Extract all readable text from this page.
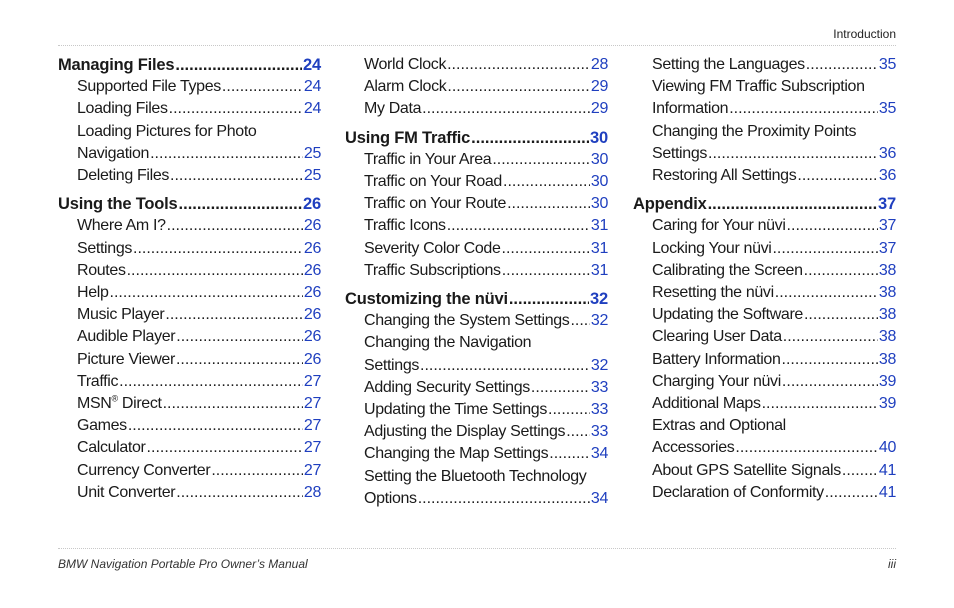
Introduction
Managing Files .....	24
Supported File Types .....	24
Loading Files .....	24
Loading Pictures for Photo
Navigation .....	25
Deleting Files .....	25
Using the Tools .....	26
Where Am I? .....	26
Settings .....	26
Routes .....	26
Help .....	26
Music Player .....	26
Audible Player .....	26
Picture Viewer .....	26
Traffic .....	27
MSN® Direct .....	27
Games .....	27
Calculator .....	27
Currency Converter .....	27
Unit Converter .....	28
World Clock .....	28
Alarm Clock .....	29
My Data .....	29
Using FM Traffic .....	30
Traffic in Your Area .....	30
Traffic on Your Road .....	30
Traffic on Your Route .....	30
Traffic Icons .....	31
Severity Color Code .....	31
Traffic Subscriptions .....	31
Customizing the nüvi .....	32
Changing the System Settings ..... 32
Changing the Navigation
Settings .....	32
Adding Security Settings .....	33
Updating the Time Settings .....	33
Adjusting the Display Settings ..... 33
Changing the Map Settings .....	34
Setting the Bluetooth Technology
Options .....	34
Setting the Languages .....	35
Viewing FM Traffic Subscription
Information .....	35
Changing the Proximity Points
Settings .....	36
Restoring All Settings .....	36
Appendix .....	37
Caring for Your nüvi .....	37
Locking Your nüvi .....	37
Calibrating the Screen .....	38
Resetting the nüvi .....	38
Updating the Software .....	38
Clearing User Data .....	38
Battery Information .....	38
Charging Your nüvi .....	39
Additional Maps .....	39
Extras and Optional
Accessories .....	40
About GPS Satellite Signals ..... 41
Declaration of Conformity .....	41
BMW Navigation Portable Pro Owner’s Manual	iii
